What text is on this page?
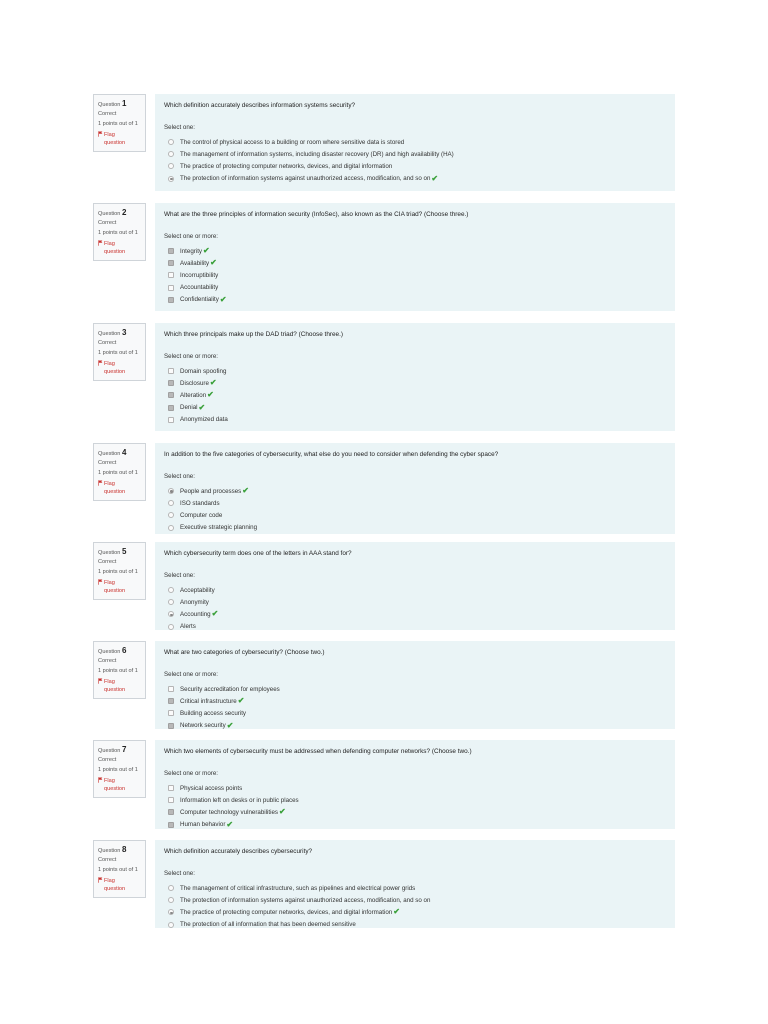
Question 1
Correct
1 points out of 1
Flag
question
Which definition accurately describes information systems security?
Select one:
The control of physical access to a building or room where sensitive data is stored
The management of information systems, including disaster recovery (DR) and high availability (HA)
The practice of protecting computer networks, devices, and digital information
The protection of information systems against unauthorized access, modification, and so on ✔
Question 2
Correct
1 points out of 1
Flag
question
What are the three principles of information security (InfoSec), also known as the CIA triad? (Choose three.)
Select one or more:
Integrity ✔
Availability ✔
Incorruptibility
Accountability
Confidentiality ✔
Question 3
Correct
1 points out of 1
Flag
question
Which three principals make up the DAD triad? (Choose three.)
Select one or more:
Domain spoofing
Disclosure ✔
Alteration ✔
Denial ✔
Anonymized data
Question 4
Correct
1 points out of 1
Flag
question
In addition to the five categories of cybersecurity, what else do you need to consider when defending the cyber space?
Select one:
People and processes ✔
ISO standards
Computer code
Executive strategic planning
Question 5
Correct
1 points out of 1
Flag
question
Which cybersecurity term does one of the letters in AAA stand for?
Select one:
Acceptability
Anonymity
Accounting ✔
Alerts
Question 6
Correct
1 points out of 1
Flag
question
What are two categories of cybersecurity? (Choose two.)
Select one or more:
Security accreditation for employees
Critical infrastructure ✔
Building access security
Network security ✔
Question 7
Correct
1 points out of 1
Flag
question
Which two elements of cybersecurity must be addressed when defending computer networks? (Choose two.)
Select one or more:
Physical access points
Information left on desks or in public places
Computer technology vulnerabilities ✔
Human behavior ✔
Question 8
Correct
1 points out of 1
Flag
question
Which definition accurately describes cybersecurity?
Select one:
The management of critical infrastructure, such as pipelines and electrical power grids
The protection of information systems against unauthorized access, modification, and so on
The practice of protecting computer networks, devices, and digital information ✔
The protection of all information that has been deemed sensitive
